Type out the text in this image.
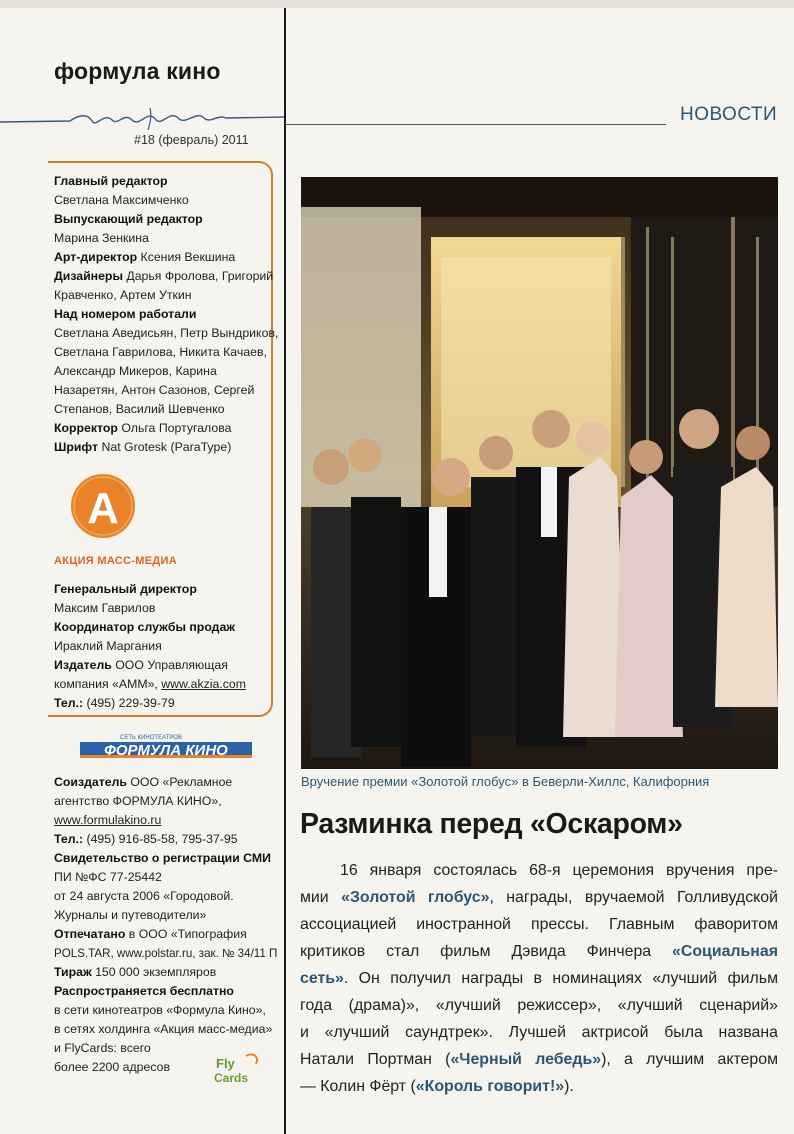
формула кино
#18 (февраль) 2011
Главный редактор
Светлана Максимченко
Выпускающий редактор
Марина Зенкина
Арт-директор Ксения Векшина
Дизайнеры Дарья Фролова, Григорий
Кравченко, Артем Уткин
Над номером работали
Светлана Аведисьян, Петр Вындриков,
Светлана Гаврилова, Никита Качаев,
Александр Микеров, Карина
Назаретян, Антон Сазонов, Сергей
Степанов, Василий Шевченко
Корректор Ольга Португалова
Шрифт Nat Grotesk (ParaType)
А
АКЦИЯ МАСС-МЕДИА
Генеральный директор
Максим Гаврилов
Координатор службы продаж
Ираклий Маргания
Издатель ООО Управляющая
компания «АММ», www.akzia.com
Тел.: (495) 229-39-79
СЕТЬ КИНОТЕАТРОВ
ФОРМУЛА КИНО
Соиздатель ООО «Рекламное
агентство ФОРМУЛА КИНО»,
www.formulakino.ru
Тел.: (495) 916-85-58, 795-37-95
Свидетельство о регистрации СМИ
ПИ №ФС 77-25442
от 24 августа 2006 «Городовой.
Журналы и путеводители»
Отпечатано в ООО «Типография
POLS.TAR, www.polstar.ru, зак. № 34/11 П
Тираж 150 000 экземпляров
Распространяется бесплатно
в сети кинотеатров «Формула Кино»,
в сетях холдинга «Акция масс-медиа»
и FlyCards: всего
более 2200 адресов	Fly
Cards
НОВОСТИ
Вручение премии «Золотой глобус» в Беверли-Хиллс, Калифорния
Разминка перед «Оскаром»
16 января состоялась 68-я церемония вручения пре-
мии «Золотой глобус», награды, вручаемой Голливудской
ассоциацией иностранной прессы. Главным фаворитом
критиков стал фильм Дэвида Финчера «Социальная
сеть». Он получил награды в номинациях «лучший фильм
года (драма)», «лучший режиссер», «лучший сценарий»
и «лучший саундтрек». Лучшей актрисой была названа
Натали Портман («Черный лебедь»), а лучшим актером
— Колин Фёрт («Король говорит!»).
